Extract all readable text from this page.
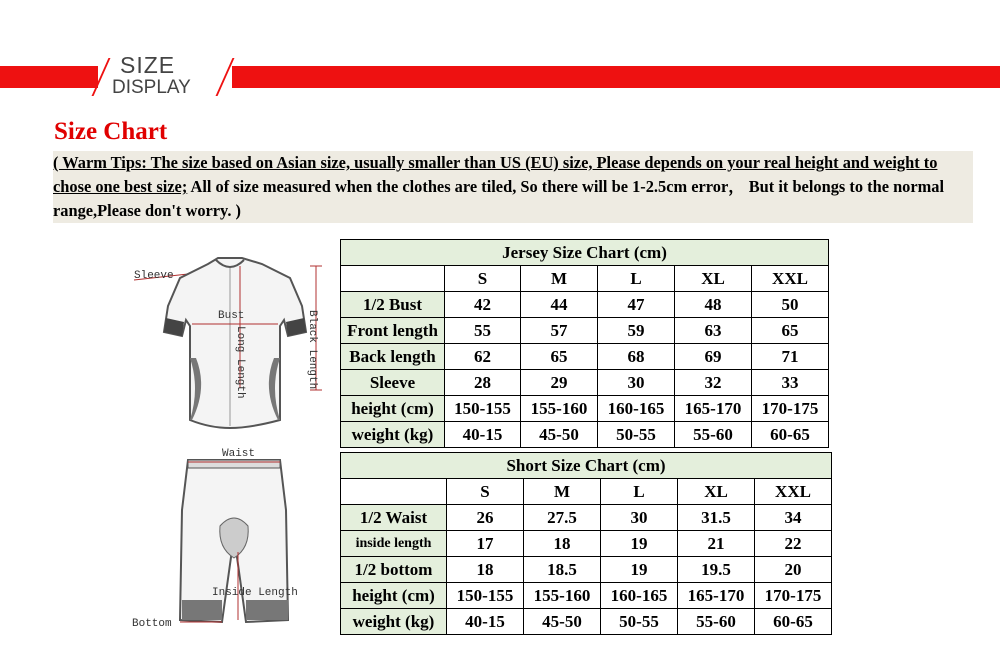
SIZE
DISPLAY
Size Chart
( Warm Tips: The size based on Asian size, usually smaller than US (EU) size, Please depends on your real height and weight to chose one best size; All of size measured when the clothes are tiled, So there will be 1-2.5cm error， But it belongs to the normal range,Please don't worry. )
Sleeve
Bust
Long Length	Black Length
Waist
Inside Length
Bottom
Jersey Size Chart (cm)					
	S	M	L	XL	XXL
1/2 Bust	42	44	47	48	50
Front length	55	57	59	63	65
Back length	62	65	68	69	71
Sleeve	28	29	30	32	33
height (cm)	150-155	155-160	160-165	165-170	170-175
weight (kg)	40-15	45-50	50-55	55-60	60-65
Short Size Chart (cm)					
	S	M	L	XL	XXL
1/2 Waist	26	27.5	30	31.5	34
inside length	17	18	19	21	22
1/2 bottom	18	18.5	19	19.5	20
height (cm)	150-155	155-160	160-165	165-170	170-175
weight (kg)	40-15	45-50	50-55	55-60	60-65
